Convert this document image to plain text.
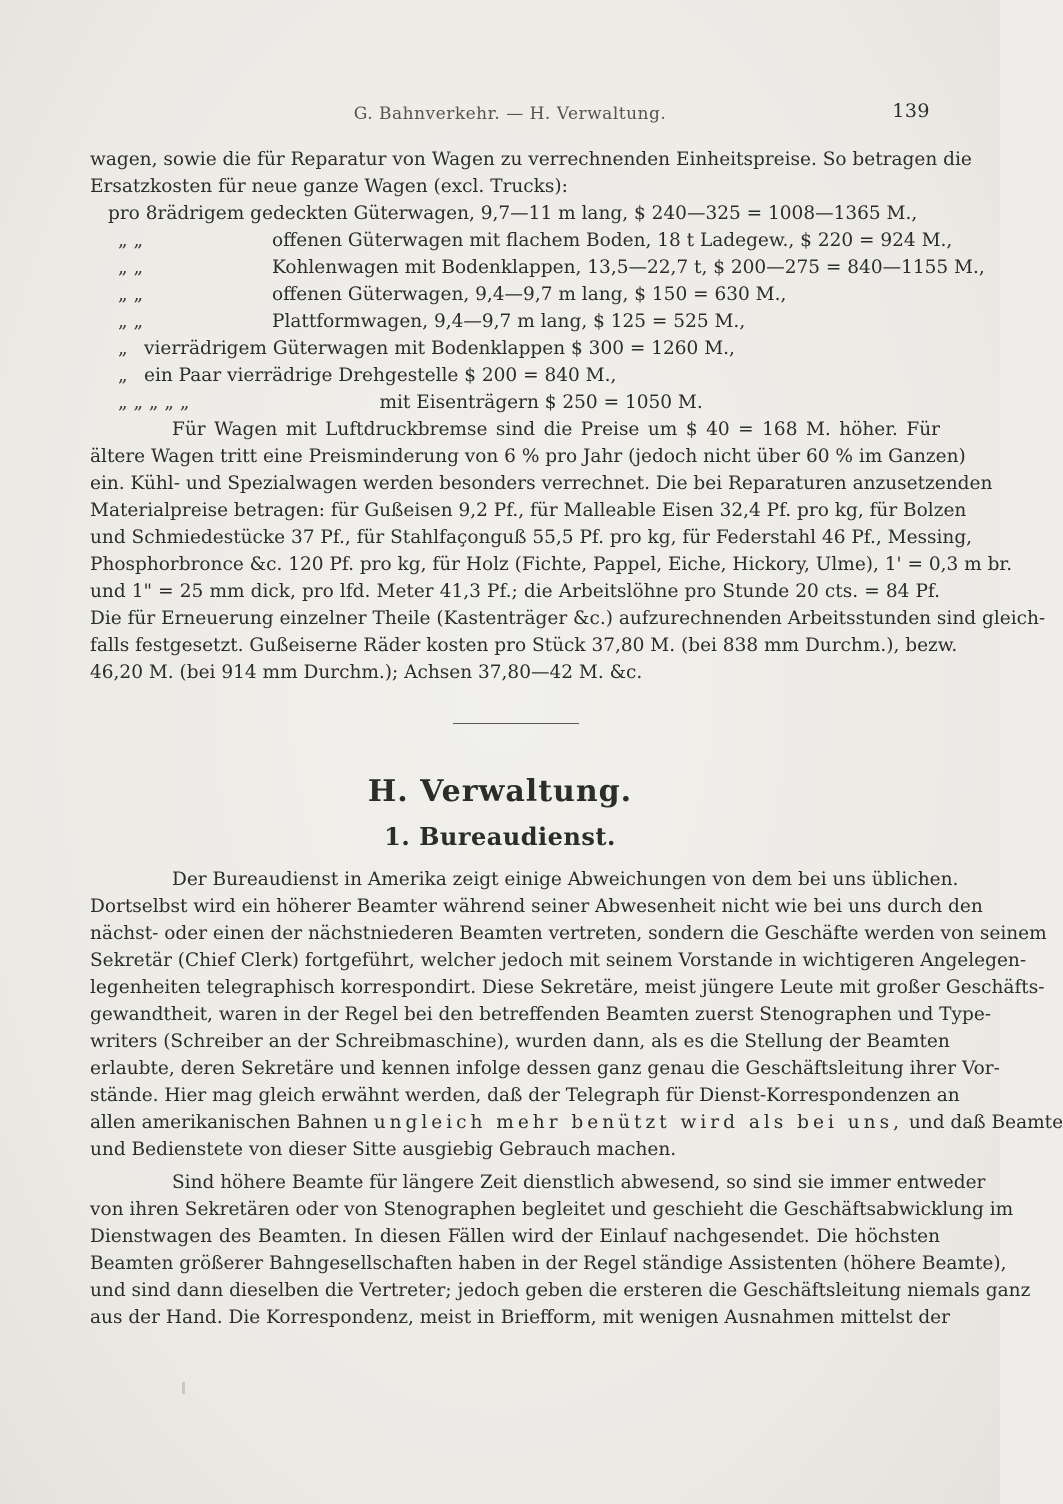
G. Bahnverkehr. — H. Verwaltung.	139
wagen, sowie die für Reparatur von Wagen zu verrechnenden Einheitspreise. So betragen die
Ersatzkosten für neue ganze Wagen (excl. Trucks):
pro 8rädrigem gedeckten Güterwagen, 9,7—11 m lang, $ 240—325 = 1008—1365 M.,
„ „	offenen Güterwagen mit flachem Boden, 18 t Ladegew., $ 220 = 924 M.,
„ „	Kohlenwagen mit Bodenklappen, 13,5—22,7 t, $ 200—275 = 840—1155 M.,
„ „	offenen Güterwagen, 9,4—9,7 m lang, $ 150 = 630 M.,
„ „	Plattformwagen, 9,4—9,7 m lang, $ 125 = 525 M.,
„ vierrädrigem Güterwagen mit Bodenklappen $ 300 = 1260 M.,
„ ein Paar vierrädrige Drehgestelle $ 200 = 840 M.,
„ „ „ „ „	mit Eisenträgern $ 250 = 1050 M.
Für Wagen mit Luftdruckbremse sind die Preise um $ 40 = 168 M. höher. Für
ältere Wagen tritt eine Preisminderung von 6 % pro Jahr (jedoch nicht über 60 % im Ganzen)
ein. Kühl- und Spezialwagen werden besonders verrechnet. Die bei Reparaturen anzusetzenden
Materialpreise betragen: für Gußeisen 9,2 Pf., für Malleable Eisen 32,4 Pf. pro kg, für Bolzen
und Schmiedestücke 37 Pf., für Stahlfaçonguß 55,5 Pf. pro kg, für Federstahl 46 Pf., Messing,
Phosphorbronce &c. 120 Pf. pro kg, für Holz (Fichte, Pappel, Eiche, Hickory, Ulme), 1' = 0,3 m br.
und 1" = 25 mm dick, pro lfd. Meter 41,3 Pf.; die Arbeitslöhne pro Stunde 20 cts. = 84 Pf.
Die für Erneuerung einzelner Theile (Kastenträger &c.) aufzurechnenden Arbeitsstunden sind gleich-
falls festgesetzt. Gußeiserne Räder kosten pro Stück 37,80 M. (bei 838 mm Durchm.), bezw.
46,20 M. (bei 914 mm Durchm.); Achsen 37,80—42 M. &c.
H. Verwaltung.
1. Bureaudienst.
Der Bureaudienst in Amerika zeigt einige Abweichungen von dem bei uns üblichen.
Dortselbst wird ein höherer Beamter während seiner Abwesenheit nicht wie bei uns durch den
nächst- oder einen der nächstniederen Beamten vertreten, sondern die Geschäfte werden von seinem
Sekretär (Chief Clerk) fortgeführt, welcher jedoch mit seinem Vorstande in wichtigeren Angelegen-
legenheiten telegraphisch korrespondirt. Diese Sekretäre, meist jüngere Leute mit großer Geschäfts-
gewandtheit, waren in der Regel bei den betreffenden Beamten zuerst Stenographen und Type-
writers (Schreiber an der Schreibmaschine), wurden dann, als es die Stellung der Beamten
erlaubte, deren Sekretäre und kennen infolge dessen ganz genau die Geschäftsleitung ihrer Vor-
stände. Hier mag gleich erwähnt werden, daß der Telegraph für Dienst-Korrespondenzen an
allen amerikanischen Bahnen ungleich mehr benützt wird als bei uns, und daß Beamte
und Bedienstete von dieser Sitte ausgiebig Gebrauch machen.
Sind höhere Beamte für längere Zeit dienstlich abwesend, so sind sie immer entweder
von ihren Sekretären oder von Stenographen begleitet und geschieht die Geschäftsabwicklung im
Dienstwagen des Beamten. In diesen Fällen wird der Einlauf nachgesendet. Die höchsten
Beamten größerer Bahngesellschaften haben in der Regel ständige Assistenten (höhere Beamte),
und sind dann dieselben die Vertreter; jedoch geben die ersteren die Geschäftsleitung niemals ganz
aus der Hand. Die Korrespondenz, meist in Briefform, mit wenigen Ausnahmen mittelst der
